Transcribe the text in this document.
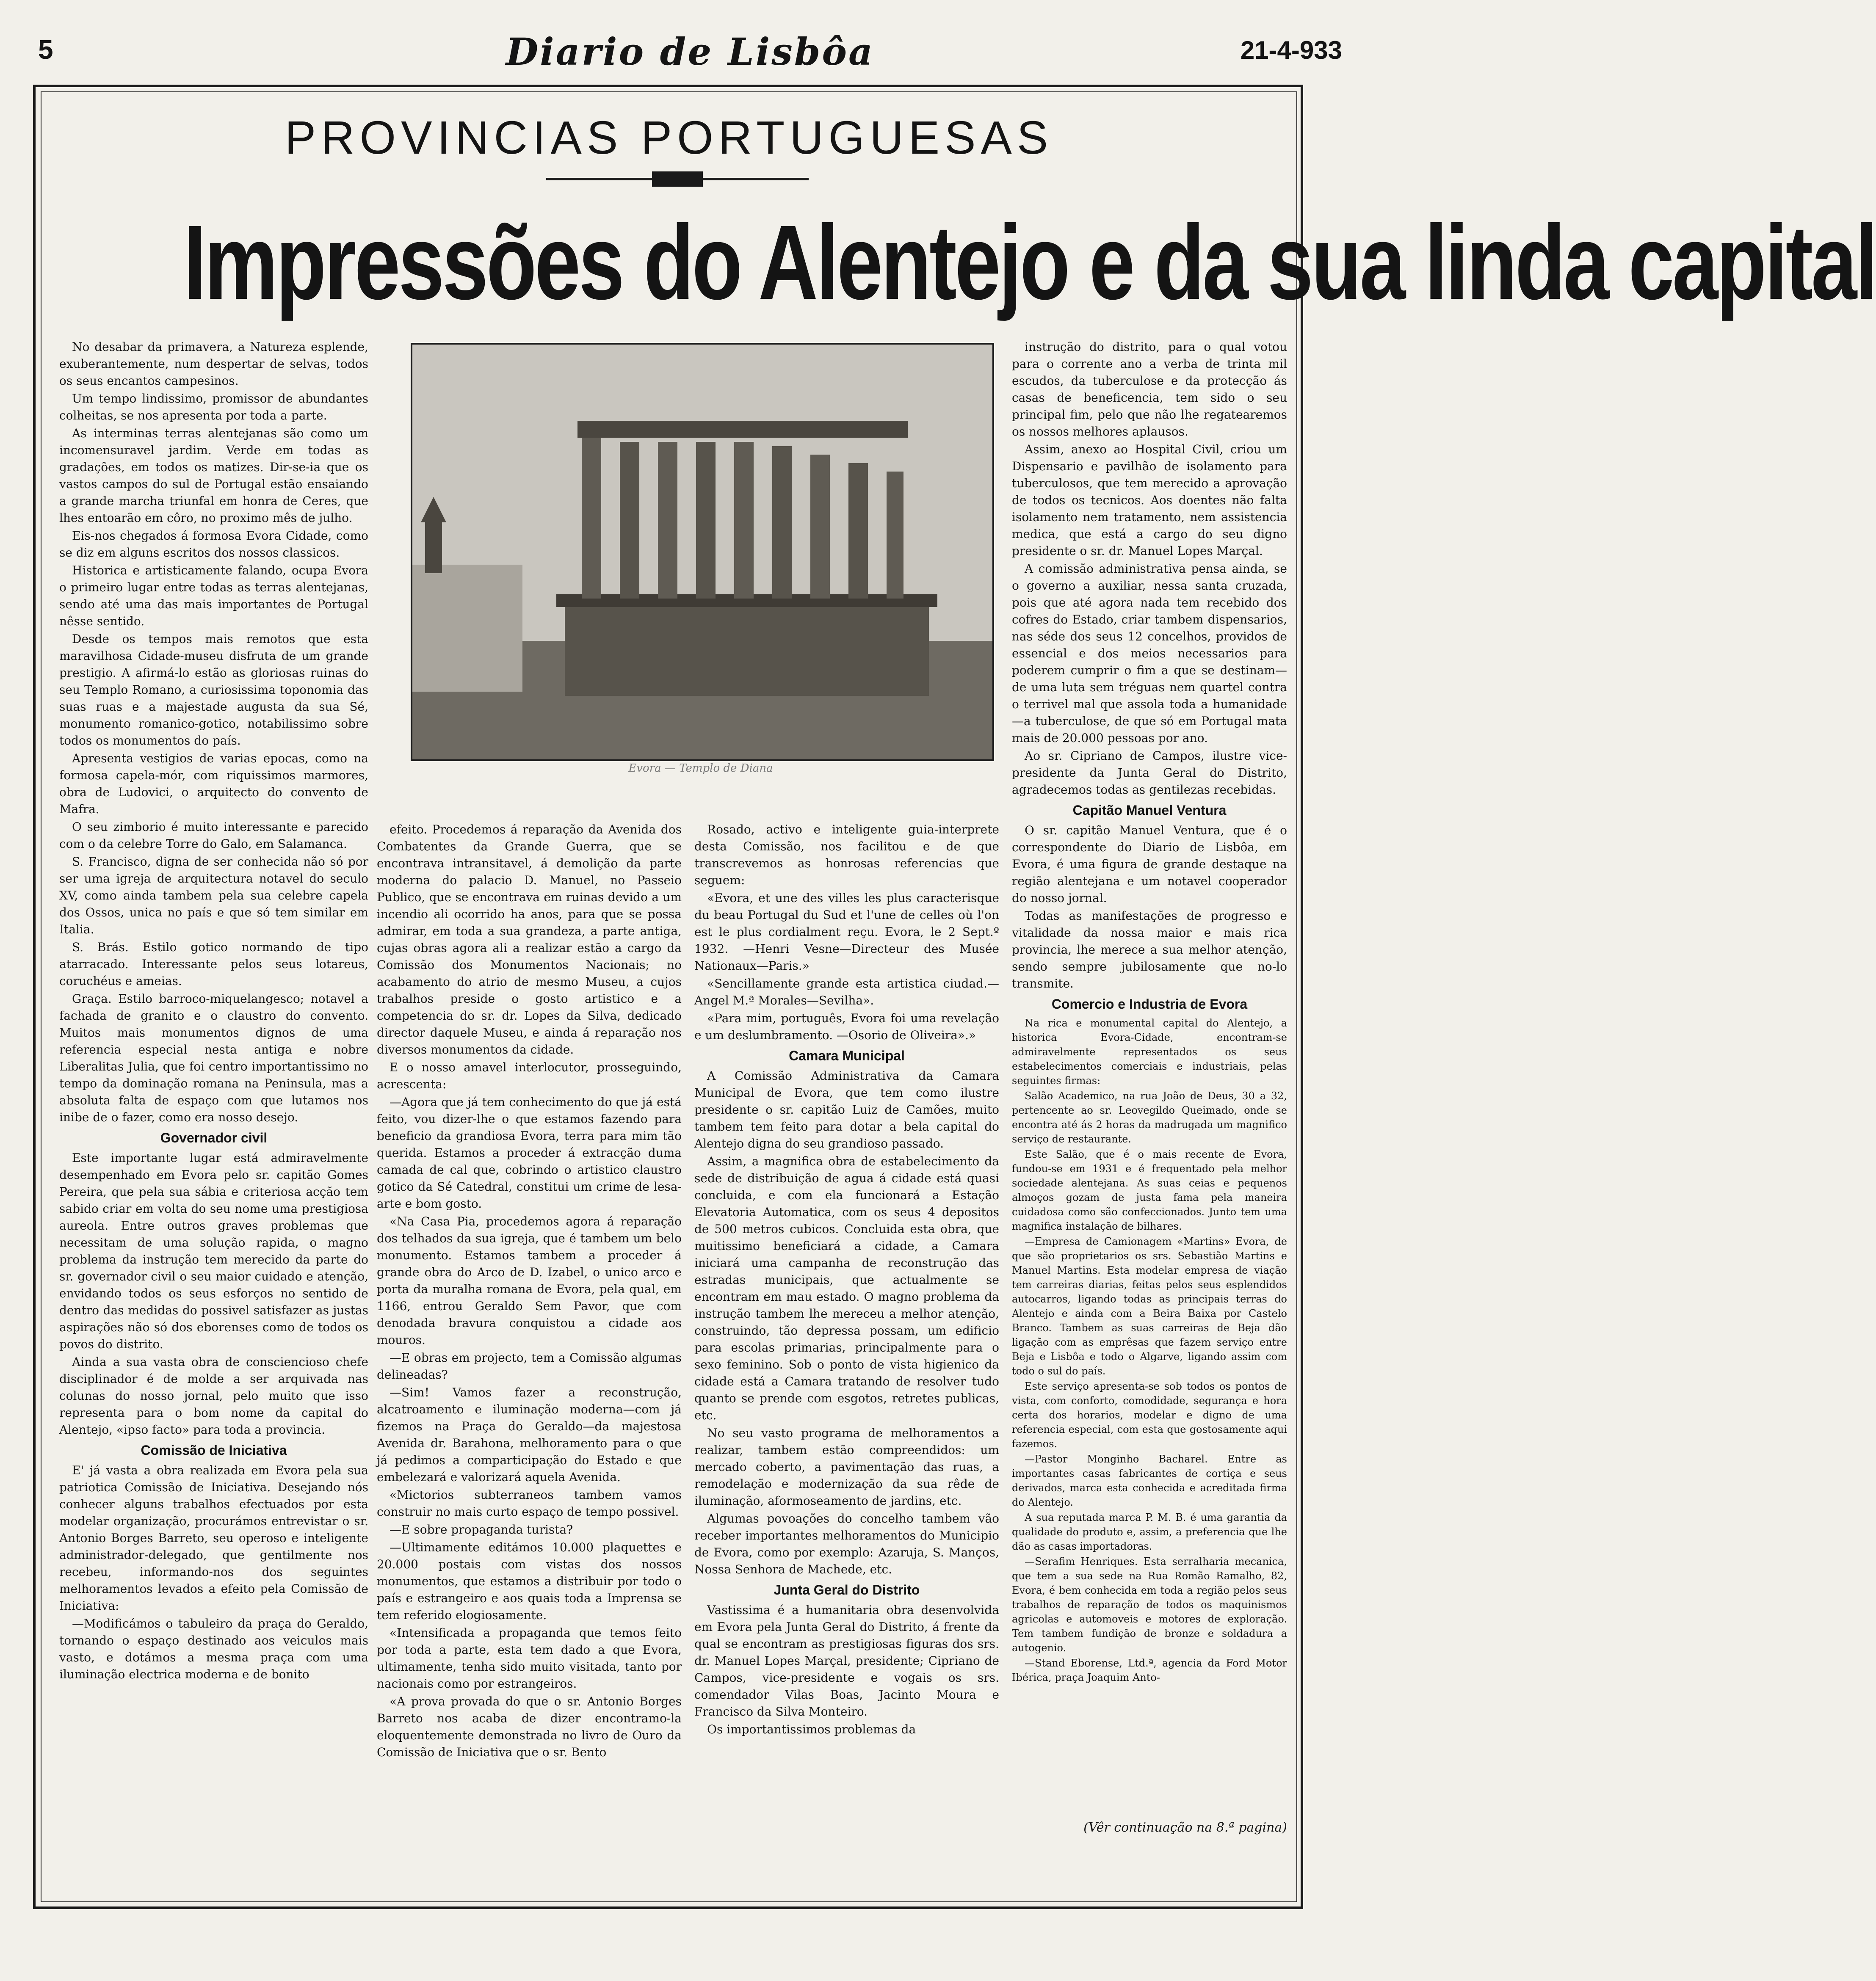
5	Diario de Lisbôa	21-4-933
PROVINCIAS PORTUGUESAS
Impressões do Alentejo e da sua linda capital
Evora — Templo de Diana

No desabar da primavera, a Natureza esplende, exuberantemente, num despertar de selvas, todos os seus encantos campesinos.

Um tempo lindissimo, promissor de abundantes colheitas, se nos apresenta por toda a parte.

As interminas terras alentejanas são como um incomensuravel jardim. Verde em todas as gradações, em todos os matizes. Dir-se-ia que os vastos campos do sul de Portugal estão ensaiando a grande marcha triunfal em honra de Ceres, que lhes entoarão em côro, no proximo mês de julho.

Eis-nos chegados á formosa Evora Cidade, como se diz em alguns escritos dos nossos classicos.

Historica e artisticamente falando, ocupa Evora o primeiro lugar entre todas as terras alentejanas, sendo até uma das mais importantes de Portugal nêsse sentido.

Desde os tempos mais remotos que esta maravilhosa Cidade-museu disfruta de um grande prestigio. A afirmá-lo estão as gloriosas ruinas do seu Templo Romano, a curiosissima toponomia das suas ruas e a majestade augusta da sua Sé, monumento romanico-gotico, notabilissimo sobre todos os monumentos do país.

Apresenta vestigios de varias epocas, como na formosa capela-mór, com riquissimos marmores, obra de Ludovici, o arquitecto do convento de Mafra.

O seu zimborio é muito interessante e parecido com o da celebre Torre do Galo, em Salamanca.

S. Francisco, digna de ser conhecida não só por ser uma igreja de arquitectura notavel do seculo XV, como ainda tambem pela sua celebre capela dos Ossos, unica no país e que só tem similar em Italia.

S. Brás. Estilo gotico normando de tipo atarracado. Interessante pelos seus lotareus, coruchéus e ameias.

Graça. Estilo barroco-miquelangesco; notavel a fachada de granito e o claustro do convento. Muitos mais monumentos dignos de uma referencia especial nesta antiga e nobre Liberalitas Julia, que foi centro importantissimo no tempo da dominação romana na Peninsula, mas a absoluta falta de espaço com que lutamos nos inibe de o fazer, como era nosso desejo.

Governador civil

Este importante lugar está admiravelmente desempenhado em Evora pelo sr. capitão Gomes Pereira, que pela sua sábia e criteriosa acção tem sabido criar em volta do seu nome uma prestigiosa aureola. Entre outros graves problemas que necessitam de uma solução rapida, o magno problema da instrução tem merecido da parte do sr. governador civil o seu maior cuidado e atenção, envidando todos os seus esforços no sentido de dentro das medidas do possivel satisfazer as justas aspirações não só dos eborenses como de todos os povos do distrito.

Ainda a sua vasta obra de consciencioso chefe disciplinador é de molde a ser arquivada nas colunas do nosso jornal, pelo muito que isso representa para o bom nome da capital do Alentejo, «ipso facto» para toda a provincia.

Comissão de Iniciativa

E' já vasta a obra realizada em Evora pela sua patriotica Comissão de Iniciativa. Desejando nós conhecer alguns trabalhos efectuados por esta modelar organização, procurámos entrevistar o sr. Antonio Borges Barreto, seu operoso e inteligente administrador-delegado, que gentilmente nos recebeu, informando-nos dos seguintes melhoramentos levados a efeito pela Comissão de Iniciativa:

—Modificámos o tabuleiro da praça do Geraldo, tornando o espaço destinado aos veiculos mais vasto, e dotámos a mesma praça com uma iluminação electrica moderna e de bonito

efeito. Procedemos á reparação da Avenida dos Combatentes da Grande Guerra, que se encontrava intransitavel, á demolição da parte moderna do palacio D. Manuel, no Passeio Publico, que se encontrava em ruinas devido a um incendio ali ocorrido ha anos, para que se possa admirar, em toda a sua grandeza, a parte antiga, cujas obras agora ali a realizar estão a cargo da Comissão dos Monumentos Nacionais; no acabamento do atrio de mesmo Museu, a cujos trabalhos preside o gosto artistico e a competencia do sr. dr. Lopes da Silva, dedicado director daquele Museu, e ainda á reparação nos diversos monumentos da cidade.

E o nosso amavel interlocutor, prosseguindo, acrescenta:

—Agora que já tem conhecimento do que já está feito, vou dizer-lhe o que estamos fazendo para beneficio da grandiosa Evora, terra para mim tão querida. Estamos a proceder á extracção duma camada de cal que, cobrindo o artistico claustro gotico da Sé Catedral, constitui um crime de lesa-arte e bom gosto.

«Na Casa Pia, procedemos agora á reparação dos telhados da sua igreja, que é tambem um belo monumento. Estamos tambem a proceder á grande obra do Arco de D. Izabel, o unico arco e porta da muralha romana de Evora, pela qual, em 1166, entrou Geraldo Sem Pavor, que com denodada bravura conquistou a cidade aos mouros.

—E obras em projecto, tem a Comissão algumas delineadas?

—Sim! Vamos fazer a reconstrução, alcatroamento e iluminação moderna—com já fizemos na Praça do Geraldo—da majestosa Avenida dr. Barahona, melhoramento para o que já pedimos a comparticipação do Estado e que embelezará e valorizará aquela Avenida.

«Mictorios subterraneos tambem vamos construir no mais curto espaço de tempo possivel.

—E sobre propaganda turista?

—Ultimamente editámos 10.000 plaquettes e 20.000 postais com vistas dos nossos monumentos, que estamos a distribuir por todo o país e estrangeiro e aos quais toda a Imprensa se tem referido elogiosamente.

«Intensificada a propaganda que temos feito por toda a parte, esta tem dado a que Evora, ultimamente, tenha sido muito visitada, tanto por nacionais como por estrangeiros.

«A prova provada do que o sr. Antonio Borges Barreto nos acaba de dizer encontramo-la eloquentemente demonstrada no livro de Ouro da Comissão de Iniciativa que o sr. Bento

Rosado, activo e inteligente guia-interprete desta Comissão, nos facilitou e de que transcrevemos as honrosas referencias que seguem:

«Evora, et une des villes les plus caracterisque du beau Portugal du Sud et l'une de celles où l'on est le plus cordialment reçu. Evora, le 2 Sept.º 1932. —Henri Vesne—Directeur des Musée Nationaux—Paris.»

«Sencillamente grande esta artistica ciudad.—Angel M.ª Morales—Sevilha».

«Para mim, português, Evora foi uma revelação e um deslumbramento. —Osorio de Oliveira».»

Camara Municipal

A Comissão Administrativa da Camara Municipal de Evora, que tem como ilustre presidente o sr. capitão Luiz de Camões, muito tambem tem feito para dotar a bela capital do Alentejo digna do seu grandioso passado.

Assim, a magnifica obra de estabelecimento da sede de distribuição de agua á cidade está quasi concluida, e com ela funcionará a Estação Elevatoria Automatica, com os seus 4 depositos de 500 metros cubicos. Concluida esta obra, que muitissimo beneficiará a cidade, a Camara iniciará uma campanha de reconstrução das estradas municipais, que actualmente se encontram em mau estado. O magno problema da instrução tambem lhe mereceu a melhor atenção, construindo, tão depressa possam, um edificio para escolas primarias, principalmente para o sexo feminino. Sob o ponto de vista higienico da cidade está a Camara tratando de resolver tudo quanto se prende com esgotos, retretes publicas, etc.

No seu vasto programa de melhoramentos a realizar, tambem estão compreendidos: um mercado coberto, a pavimentação das ruas, a remodelação e modernização da sua rêde de iluminação, aformoseamento de jardins, etc.

Algumas povoações do concelho tambem vão receber importantes melhoramentos do Municipio de Evora, como por exemplo: Azaruja, S. Manços, Nossa Senhora de Machede, etc.

Junta Geral do Distrito

Vastissima é a humanitaria obra desenvolvida em Evora pela Junta Geral do Distrito, á frente da qual se encontram as prestigiosas figuras dos srs. dr. Manuel Lopes Marçal, presidente; Cipriano de Campos, vice-presidente e vogais os srs. comendador Vilas Boas, Jacinto Moura e Francisco da Silva Monteiro.

Os importantissimos problemas da

instrução do distrito, para o qual votou para o corrente ano a verba de trinta mil escudos, da tuberculose e da protecção ás casas de beneficencia, tem sido o seu principal fim, pelo que não lhe regatearemos os nossos melhores aplausos.

Assim, anexo ao Hospital Civil, criou um Dispensario e pavilhão de isolamento para tuberculosos, que tem merecido a aprovação de todos os tecnicos. Aos doentes não falta isolamento nem tratamento, nem assistencia medica, que está a cargo do seu digno presidente o sr. dr. Manuel Lopes Marçal.

A comissão administrativa pensa ainda, se o governo a auxiliar, nessa santa cruzada, pois que até agora nada tem recebido dos cofres do Estado, criar tambem dispensarios, nas séde dos seus 12 concelhos, providos de essencial e dos meios necessarios para poderem cumprir o fim a que se destinam—de uma luta sem tréguas nem quartel contra o terrivel mal que assola toda a humanidade—a tuberculose, de que só em Portugal mata mais de 20.000 pessoas por ano.

Ao sr. Cipriano de Campos, ilustre vice-presidente da Junta Geral do Distrito, agradecemos todas as gentilezas recebidas.

Capitão Manuel Ventura

O sr. capitão Manuel Ventura, que é o correspondente do Diario de Lisbôa, em Evora, é uma figura de grande destaque na região alentejana e um notavel cooperador do nosso jornal.

Todas as manifestações de progresso e vitalidade da nossa maior e mais rica provincia, lhe merece a sua melhor atenção, sendo sempre jubilosamente que no-lo transmite.

Comercio e Industria de Evora

Na rica e monumental capital do Alentejo, a historica Evora-Cidade, encontram-se admiravelmente representados os seus estabelecimentos comerciais e industriais, pelas seguintes firmas:

Salão Academico, na rua João de Deus, 30 a 32, pertencente ao sr. Leovegildo Queimado, onde se encontra até ás 2 horas da madrugada um magnifico serviço de restaurante.

Este Salão, que é o mais recente de Evora, fundou-se em 1931 e é frequentado pela melhor sociedade alentejana. As suas ceias e pequenos almoços gozam de justa fama pela maneira cuidadosa como são confeccionados. Junto tem uma magnifica instalação de bilhares.

—Empresa de Camionagem «Martins» Evora, de que são proprietarios os srs. Sebastião Martins e Manuel Martins. Esta modelar empresa de viação tem carreiras diarias, feitas pelos seus esplendidos autocarros, ligando todas as principais terras do Alentejo e ainda com a Beira Baixa por Castelo Branco. Tambem as suas carreiras de Beja dão ligação com as emprêsas que fazem serviço entre Beja e Lisbôa e todo o Algarve, ligando assim com todo o sul do país.

Este serviço apresenta-se sob todos os pontos de vista, com conforto, comodidade, segurança e hora certa dos horarios, modelar e digno de uma referencia especial, com esta que gostosamente aqui fazemos.

—Pastor Monginho Bacharel. Entre as importantes casas fabricantes de cortiça e seus derivados, marca esta conhecida e acreditada firma do Alentejo.

A sua reputada marca P. M. B. é uma garantia da qualidade do produto e, assim, a preferencia que lhe dão as casas importadoras.

—Serafim Henriques. Esta serralharia mecanica, que tem a sua sede na Rua Romão Ramalho, 82, Evora, é bem conhecida em toda a região pelos seus trabalhos de reparação de todos os maquinismos agricolas e automoveis e motores de exploração. Tem tambem fundição de bronze e soldadura a autogenio.

—Stand Eborense, Ltd.ª, agencia da Ford Motor Ibérica, praça Joaquim Anto-

(Vêr continuação na 8.ª pagina)
